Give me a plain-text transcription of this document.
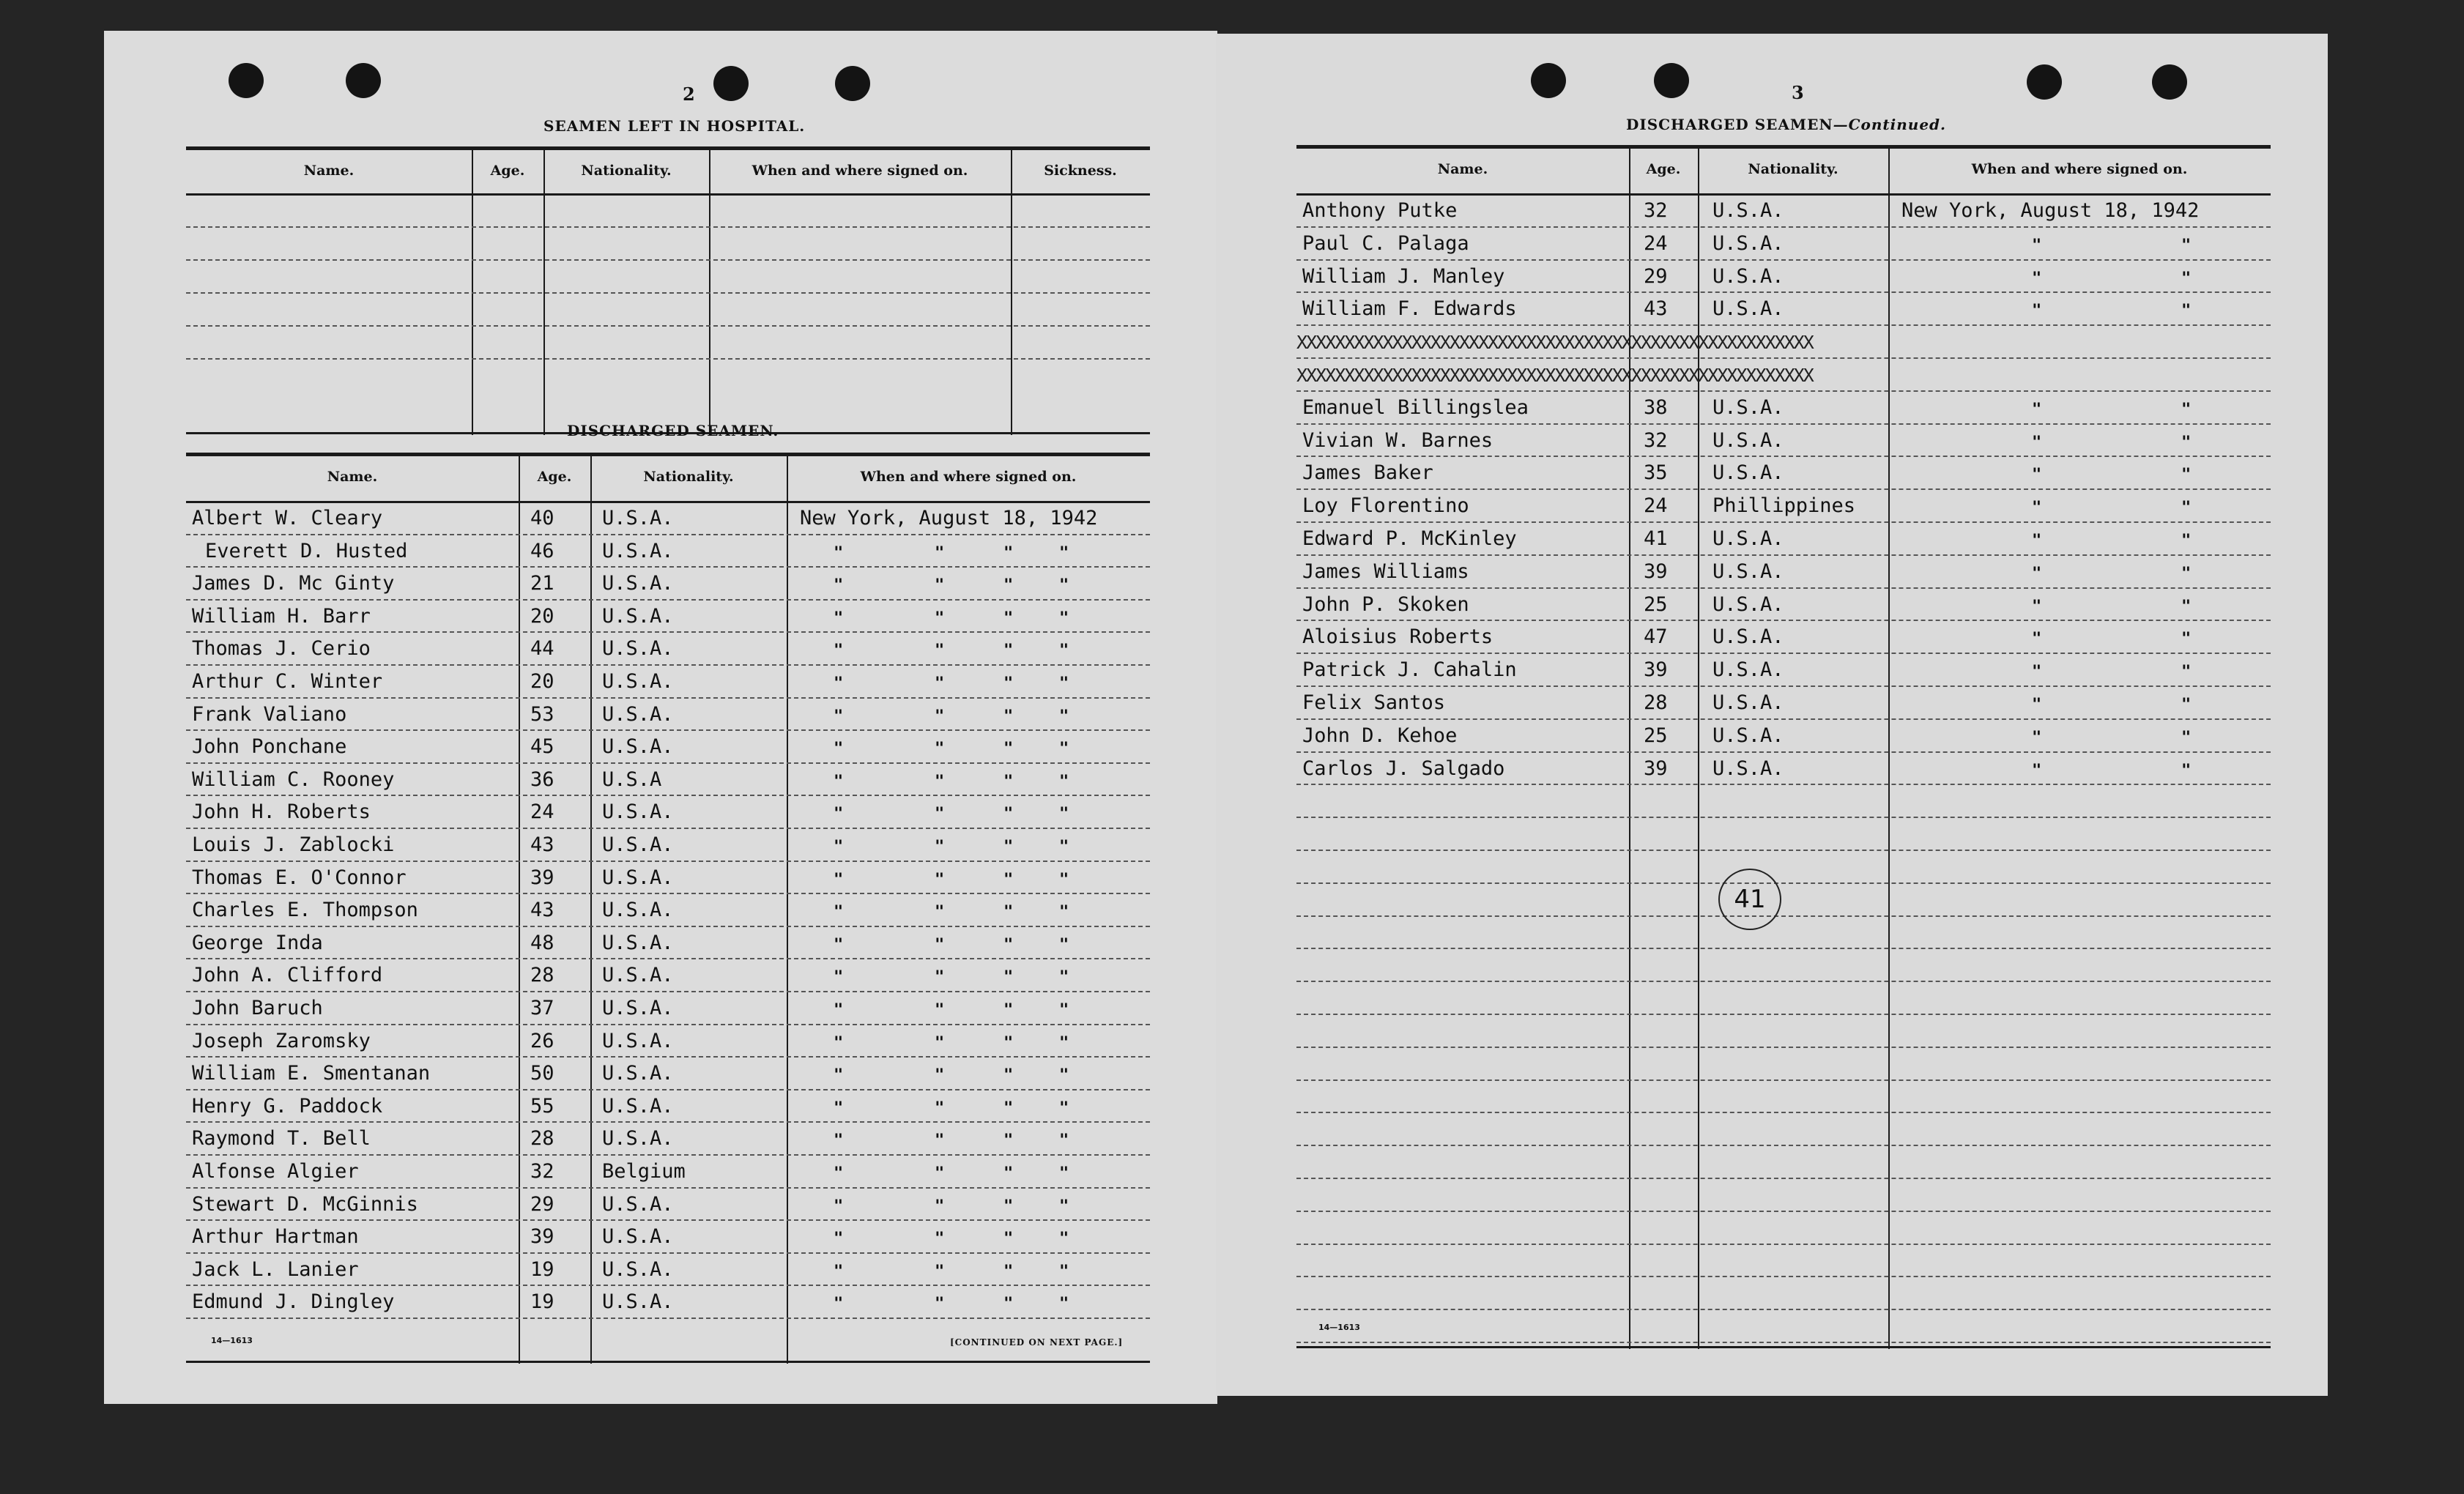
2
SEAMEN LEFT IN HOSPITAL.
Name.	Age.	Nationality.	When and where signed on.	Sickness.
DISCHARGED SEAMEN.
Name.	Age.	Nationality.	When and where signed on.
Albert W. Cleary	40 U.S.A.	New York, August 18, 1942
Everett D. Husted	46 U.S.A.	"	"	"	"
James D. Mc Ginty	21 U.S.A.	"	"	"	"
William H. Barr	20 U.S.A.	"	"	"	"
Thomas J. Cerio	44 U.S.A.	"	"	"	"
Arthur C. Winter	20 U.S.A.	"	"	"	"
Frank Valiano	53 U.S.A.	"	"	"	"
John Ponchane	45 U.S.A.	"	"	"	"
William C. Rooney	36 U.S.A	"	"	"	"
John H. Roberts	24 U.S.A.	"	"	"	"
Louis J. Zablocki	43 U.S.A.	"	"	"	"
Thomas E. O'Connor	39 U.S.A.	"	"	"	"
Charles E. Thompson	43 U.S.A.	"	"	"	"
George Inda	48 U.S.A.	"	"	"	"
John A. Clifford	28 U.S.A.	"	"	"	"
John Baruch	37 U.S.A.	"	"	"	"
Joseph Zaromsky	26 U.S.A.	"	"	"	"
William E. Smentanan	50 U.S.A.	"	"	"	"
Henry G. Paddock	55 U.S.A.	"	"	"	"
Raymond T. Bell	28 U.S.A.	"	"	"	"
Alfonse Algier	32 Belgium	"	"	"	"
Stewart D. McGinnis	29 U.S.A.	"	"	"	"
Arthur Hartman	39 U.S.A.	"	"	"	"
Jack L. Lanier	19 U.S.A.	"	"	"	"
Edmund J. Dingley	19 U.S.A.	"	"	"	"
14—1613	[CONTINUED ON NEXT PAGE.]
3
DISCHARGED SEAMEN—Continued.
Name.	Age.	Nationality.	When and where signed on.
Anthony Putke	32 U.S.A.	New York, August 18, 1942
Paul C. Palaga	24 U.S.A.	"	"
William J. Manley	29 U.S.A.	"	"
William F. Edwards	43 U.S.A.	"	"
XXXXXXXXXXXXXXXXXXXXXXXXXXXXXXXXXXXXXXXXXXXXXXXXXXXXXX
XXXXXXXXXXXXXXXXXXXXXXXXXXXXXXXXXXXXXXXXXXXXXXXXXXXXXX
Emanuel Billingslea	38 U.S.A.	"	"
Vivian W. Barnes	32 U.S.A.	"	"
James Baker	35 U.S.A.	"	"
Loy Florentino	24 Phillippines	"	"
Edward P. McKinley	41 U.S.A.	"	"
James Williams	39 U.S.A.	"	"
John P. Skoken	25 U.S.A.	"	"
Aloisius Roberts	47 U.S.A.	"	"
Patrick J. Cahalin	39 U.S.A.	"	"
Felix Santos	28 U.S.A.	"	"
John D. Kehoe	25 U.S.A.	"	"
Carlos J. Salgado	39 U.S.A.	"	"
41
14—1613
